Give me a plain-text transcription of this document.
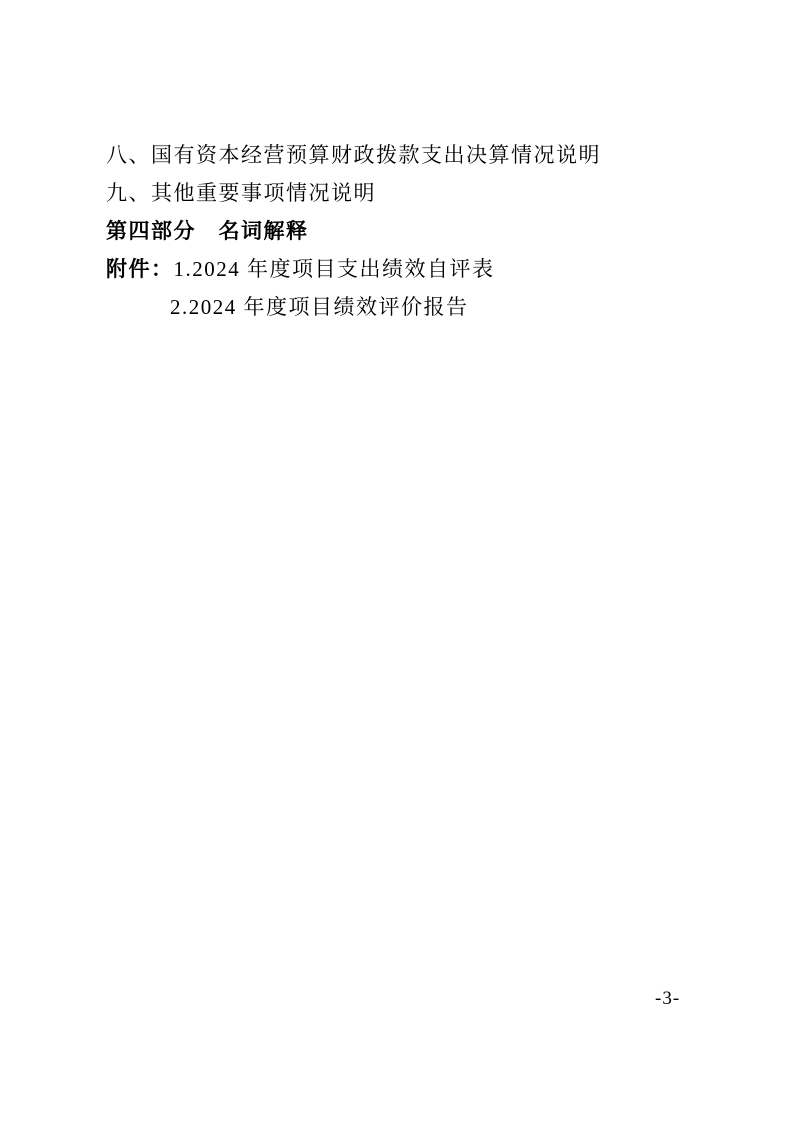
八、国有资本经营预算财政拨款支出决算情况说明

九、其他重要事项情况说明

第四部分　名词解释

附件：1.2024 年度项目支出绩效自评表

2.2024 年度项目绩效评价报告

-3-
